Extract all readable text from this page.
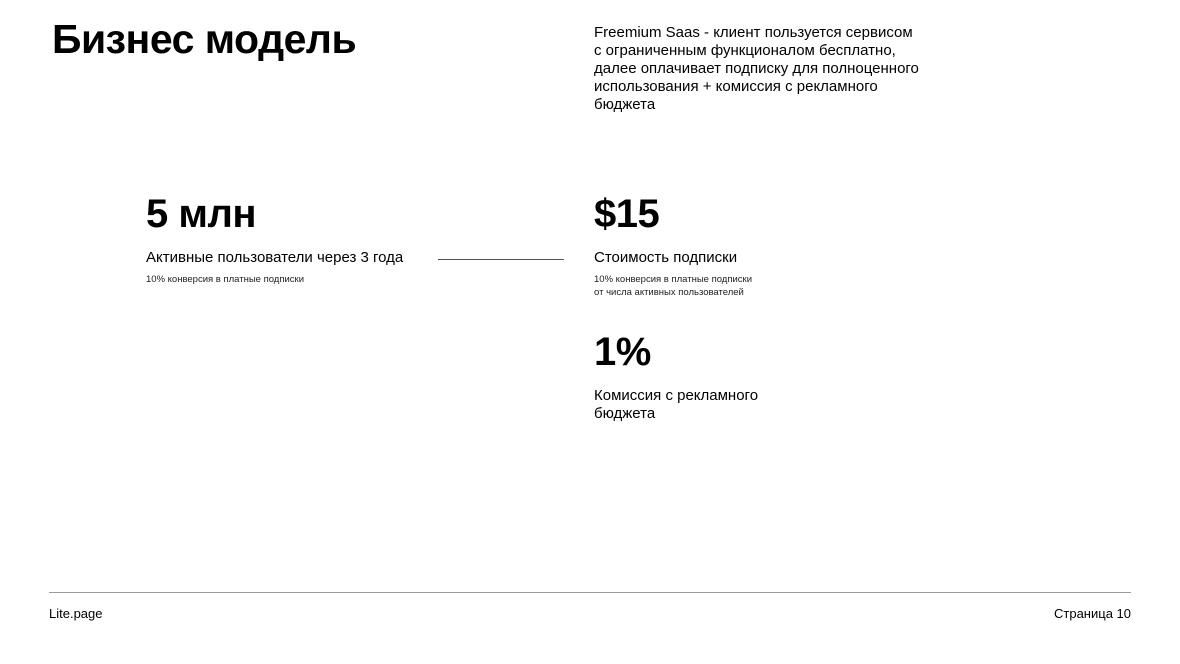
Бизнес модель	Freemium Saas - клиент пользуется сервисом
с ограниченным функционалом бесплатно,
далее оплачивает подписку для полноценного
использования + комиссия с рекламного
бюджета
5 млн
Активные пользователи через 3 года
10% конверсия в платные подписки
$15
Стоимость подписки
10% конверсия в платные подписки
от числа активных пользователей
1%
Комиссия с рекламного
бюджета
Lite.page	Страница 10
